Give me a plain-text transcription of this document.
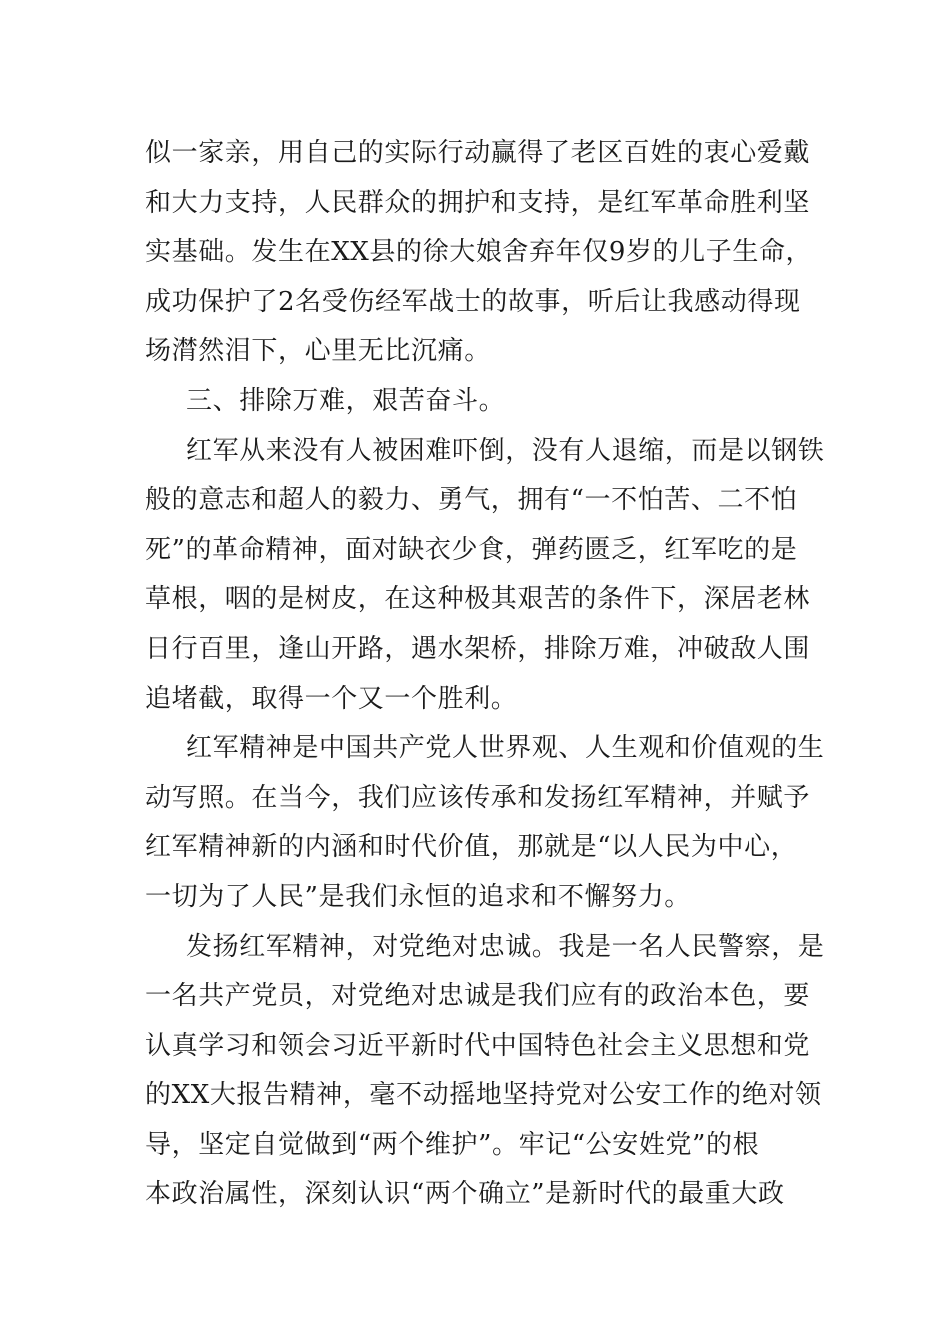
似一家亲，用自己的实际行动赢得了老区百姓的衷心爱戴
和大力支持，人民群众的拥护和支持，是红军革命胜利坚
实基础。发生在XX县的徐大娘舍弃年仅9岁的儿子生命，
成功保护了2名受伤经军战士的故事，听后让我感动得现
场潸然泪下，心里无比沉痛。
三、排除万难，艰苦奋斗。
红军从来没有人被困难吓倒，没有人退缩，而是以钢铁
般的意志和超人的毅力、勇气，拥有“一不怕苦、二不怕
死”的革命精神，面对缺衣少食，弹药匮乏，红军吃的是
草根，咽的是树皮，在这种极其艰苦的条件下，深居老林
日行百里，逢山开路，遇水架桥，排除万难，冲破敌人围
追堵截，取得一个又一个胜利。
红军精神是中国共产党人世界观、人生观和价值观的生
动写照。在当今，我们应该传承和发扬红军精神，并赋予
红军精神新的内涵和时代价值，那就是“以人民为中心，
一切为了人民”是我们永恒的追求和不懈努力。
发扬红军精神，对党绝对忠诚。我是一名人民警察，是
一名共产党员，对党绝对忠诚是我们应有的政治本色，要
认真学习和领会习近平新时代中国特色社会主义思想和党
的XX大报告精神，毫不动摇地坚持党对公安工作的绝对领
导，坚定自觉做到“两个维护”。牢记“公安姓党”的根
本政治属性，深刻认识“两个确立”是新时代的最重大政
